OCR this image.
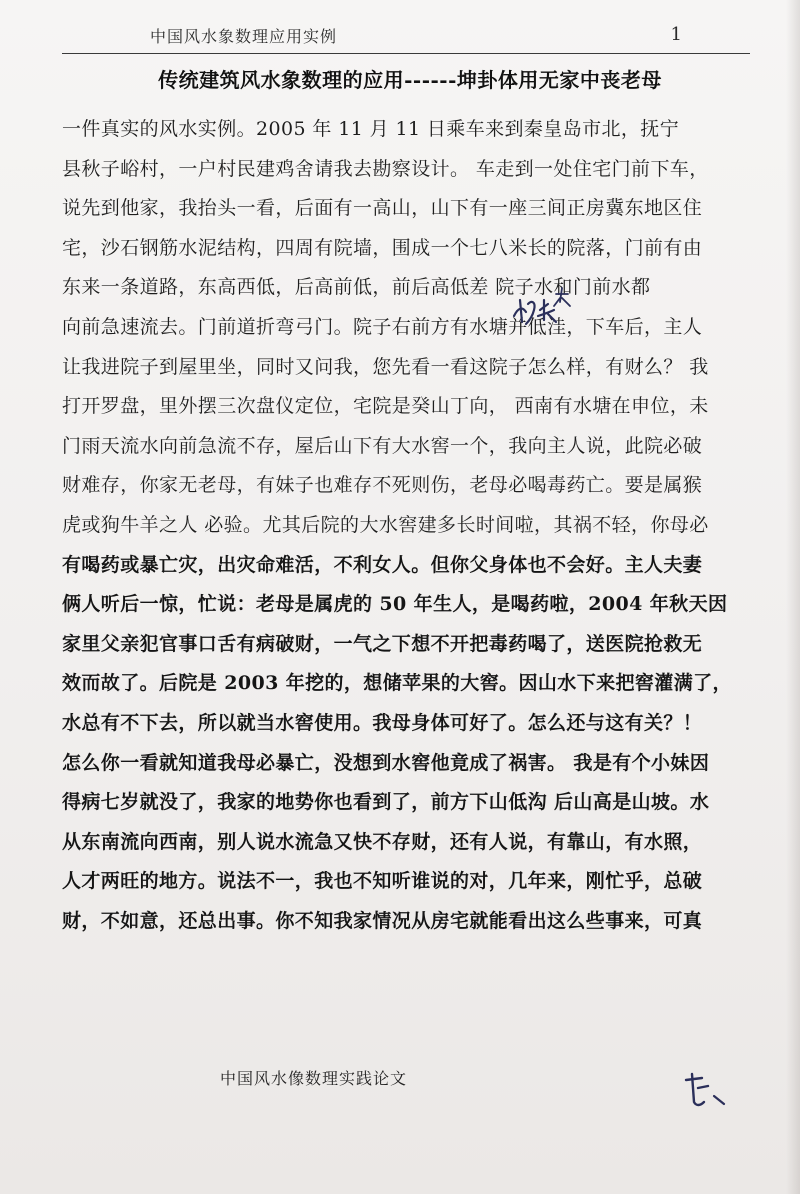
中国风水象数理应用实例	1
传统建筑风水象数理的应用------坤卦体用无家中丧老母
一件真实的风水实例。2005 年 11 月 11 日乘车来到秦皇岛市北，抚宁
县秋子峪村，一户村民建鸡舍请我去勘察设计。 车走到一处住宅门前下车，
说先到他家，我抬头一看，后面有一高山，山下有一座三间正房冀东地区住
宅，沙石钢筋水泥结构，四周有院墙，围成一个七八米长的院落，门前有由
东来一条道路，东高西低，后高前低，前后高低差 院子水和门前水都
向前急速流去。门前道折弯弓门。院子右前方有水塘并低洼，下车后，主人
让我进院子到屋里坐，同时又问我，您先看一看这院子怎么样，有财么？ 我
打开罗盘，里外摆三次盘仪定位，宅院是癸山丁向， 西南有水塘在申位，未
门雨天流水向前急流不存，屋后山下有大水窖一个，我向主人说，此院必破
财难存，你家无老母，有妹子也难存不死则伤，老母必喝毒药亡。要是属猴
虎或狗牛羊之人 必验。尤其后院的大水窖建多长时间啦，其祸不轻，你母必
有喝药或暴亡灾，出灾命难活，不利女人。但你父身体也不会好。主人夫妻
俩人听后一惊，忙说：老母是属虎的 50 年生人，是喝药啦，2004 年秋天因
家里父亲犯官事口舌有病破财，一气之下想不开把毒药喝了，送医院抢救无
效而故了。后院是 2003 年挖的，想储苹果的大窖。因山水下来把窖灌满了，
水总有不下去，所以就当水窖使用。我母身体可好了。怎么还与这有关？！
怎么你一看就知道我母必暴亡，没想到水窖他竟成了祸害。 我是有个小妹因
得病七岁就没了，我家的地势你也看到了，前方下山低沟 后山高是山坡。水
从东南流向西南，别人说水流急又快不存财，还有人说，有靠山，有水照，
人才两旺的地方。说法不一，我也不知听谁说的对，几年来，刚忙乎，总破
财，不如意，还总出事。你不知我家情况从房宅就能看出这么些事来，可真
中国风水像数理实践论文
